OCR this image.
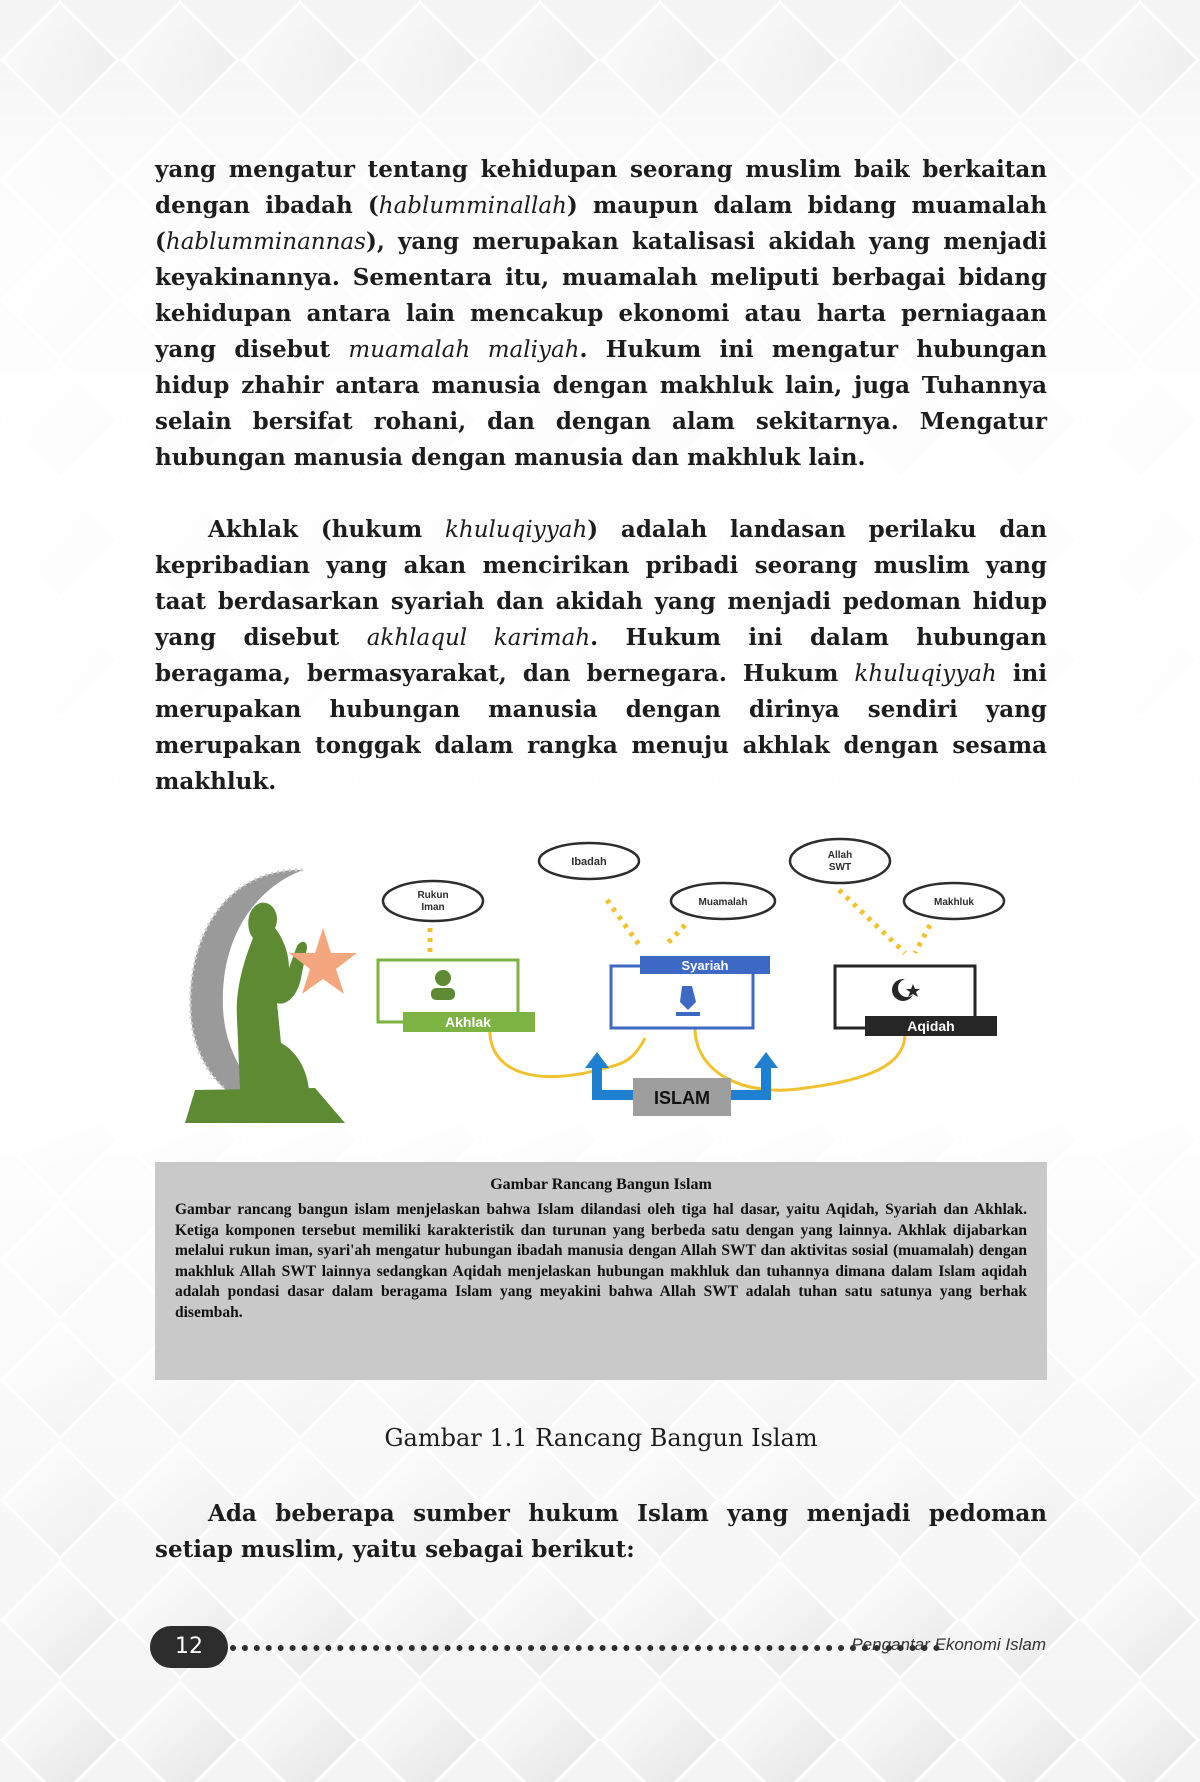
yang mengatur tentang kehidupan seorang muslim baik berkaitan dengan ibadah (hablumminallah) maupun dalam bidang muamalah (hablumminannas), yang merupakan katalisasi akidah yang menjadi keyakinannya. Sementara itu, muamalah meliputi berbagai bidang kehidupan antara lain mencakup ekonomi atau harta perniagaan yang disebut muamalah maliyah. Hukum ini mengatur hubungan hidup zhahir antara manusia dengan makhluk lain, juga Tuhannya selain bersifat rohani, dan dengan alam sekitarnya. Mengatur hubungan manusia dengan manusia dan makhluk lain.
Akhlak (hukum khuluqiyyah) adalah landasan perilaku dan kepribadian yang akan mencirikan pribadi seorang muslim yang taat berdasarkan syariah dan akidah yang menjadi pedoman hidup yang disebut akhlaqul karimah. Hukum ini dalam hubungan beragama, bermasyarakat, dan bernegara. Hukum khuluqiyyah ini merupakan hubungan manusia dengan dirinya sendiri yang merupakan tonggak dalam rangka menuju akhlak dengan sesama makhluk.
Rukun
Iman
Ibadah
Muamalah
Allah
SWT
Makhluk
Akhlak
Syariah
Aqidah
ISLAM
Gambar Rancang Bangun Islam
Gambar rancang bangun islam menjelaskan bahwa Islam dilandasi oleh tiga hal dasar, yaitu Aqidah, Syariah dan Akhlak. Ketiga komponen tersebut memiliki karakteristik dan turunan yang berbeda satu dengan yang lainnya. Akhlak dijabarkan melalui rukun iman, syari'ah mengatur hubungan ibadah manusia dengan Allah SWT dan aktivitas sosial (muamalah) dengan makhluk Allah SWT lainnya sedangkan Aqidah menjelaskan hubungan makhluk dan tuhannya dimana dalam Islam aqidah adalah pondasi dasar dalam beragama Islam yang meyakini bahwa Allah SWT adalah tuhan satu satunya yang berhak disembah.
Gambar 1.1 Rancang Bangun Islam
Ada beberapa sumber hukum Islam yang menjadi pedoman setiap muslim, yaitu sebagai berikut:
12	Pengantar Ekonomi Islam
